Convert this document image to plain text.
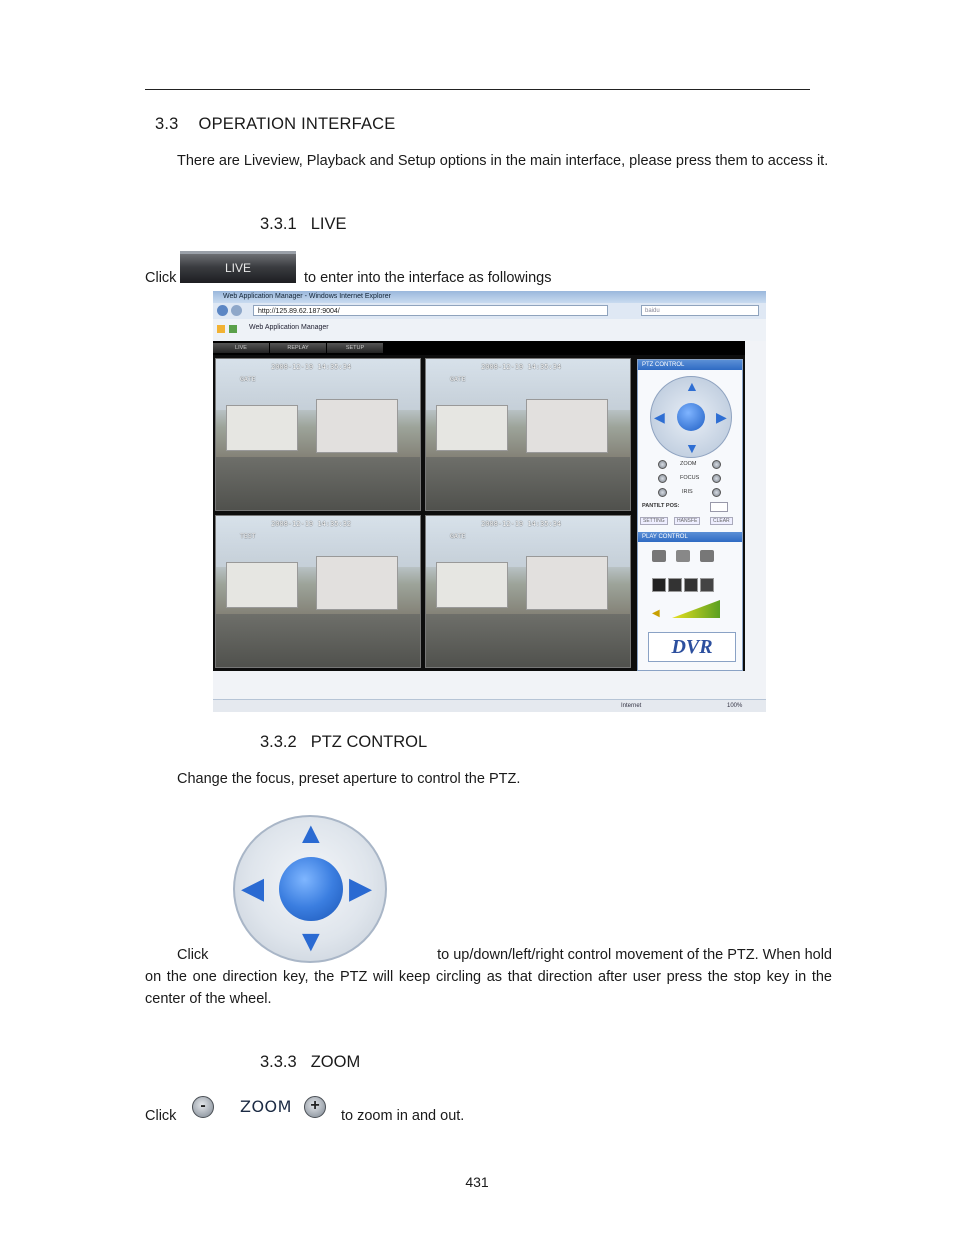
3.3 OPERATION INTERFACE
There are Liveview, Playback and Setup options in the main interface, please press them to access it.
3.3.1 LIVE
Click
LIVE
to enter into the interface as followings
Web Application Manager - Windows Internet Explorer
http://125.89.62.187:9004/	baidu
Web Application Manager
LIVE	REPLAY	SETUP
2008-12-19 14:35:34
GATE
2008-12-19 14:35:34
GATE
2008-12-19 14:35:32
TEST
2008-12-19 14:35:34
GATE
PTZ CONTROL
▲
▼
◀	▶
ZOOM
FOCUS
IRIS
PANTILT POS:
SETTING	HANSFE	CLEAR
PLAY CONTROL
◀
DVR
Internet	100%
3.3.2 PTZ CONTROL
Change the focus, preset aperture to control the PTZ.
▲
▼
◀	▶
Click	to up/down/left/right control movement of the PTZ. When hold
on the one direction key, the PTZ will keep circling as that direction after user press the stop key in the center of the wheel.
3.3.3 ZOOM
Click
-	ZOOM	+
to zoom in and out.
431
